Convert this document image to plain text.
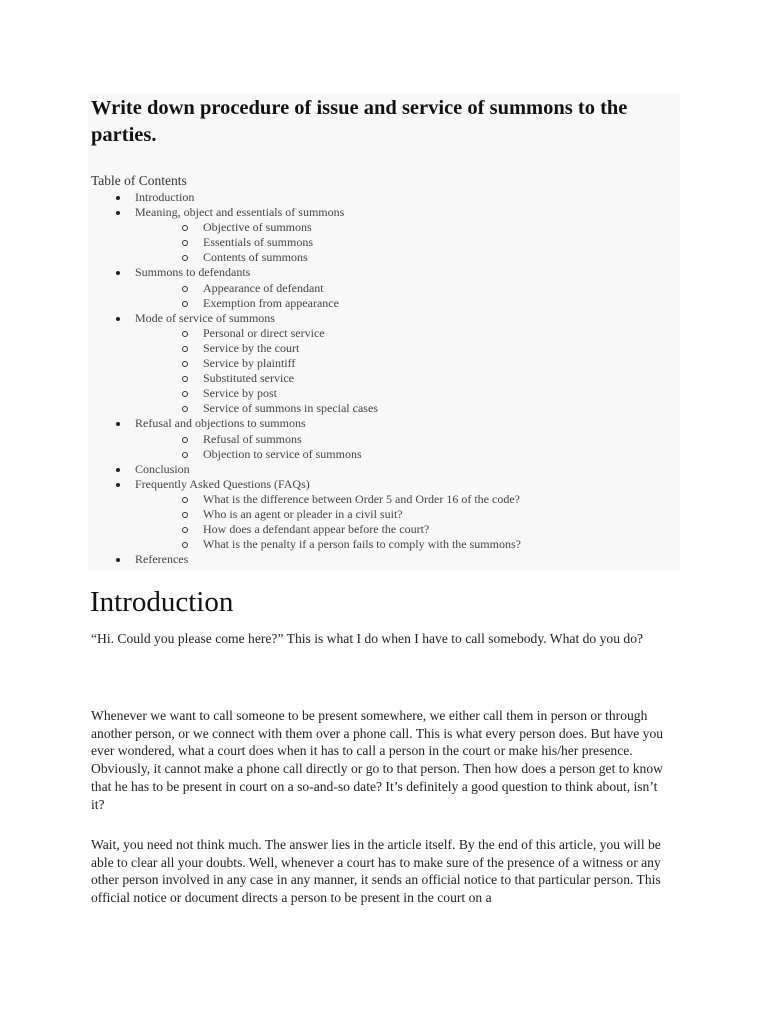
Write down procedure of issue and service of summons to the parties.
Table of Contents
Introduction
Meaning, object and essentials of summons
Objective of summons
Essentials of summons
Contents of summons
Summons to defendants
Appearance of defendant
Exemption from appearance
Mode of service of summons
Personal or direct service
Service by the court
Service by plaintiff
Substituted service
Service by post
Service of summons in special cases
Refusal and objections to summons
Refusal of summons
Objection to service of summons
Conclusion
Frequently Asked Questions (FAQs)
What is the difference between Order 5 and Order 16 of the code?
Who is an agent or pleader in a civil suit?
How does a defendant appear before the court?
What is the penalty if a person fails to comply with the summons?
References
Introduction

“Hi. Could you please come here?” This is what I do when I have to call somebody. What do you do?

Whenever we want to call someone to be present somewhere, we either call them in person or through another person, or we connect with them over a phone call. This is what every person does. But have you ever wondered, what a court does when it has to call a person in the court or make his/her presence. Obviously, it cannot make a phone call directly or go to that person. Then how does a person get to know that he has to be present in court on a so-and-so date? It’s definitely a good question to think about, isn’t it?

Wait, you need not think much. The answer lies in the article itself. By the end of this article, you will be able to clear all your doubts. Well, whenever a court has to make sure of the presence of a witness or any other person involved in any case in any manner, it sends an official notice to that particular person. This official notice or document directs a person to be present in the court on a
